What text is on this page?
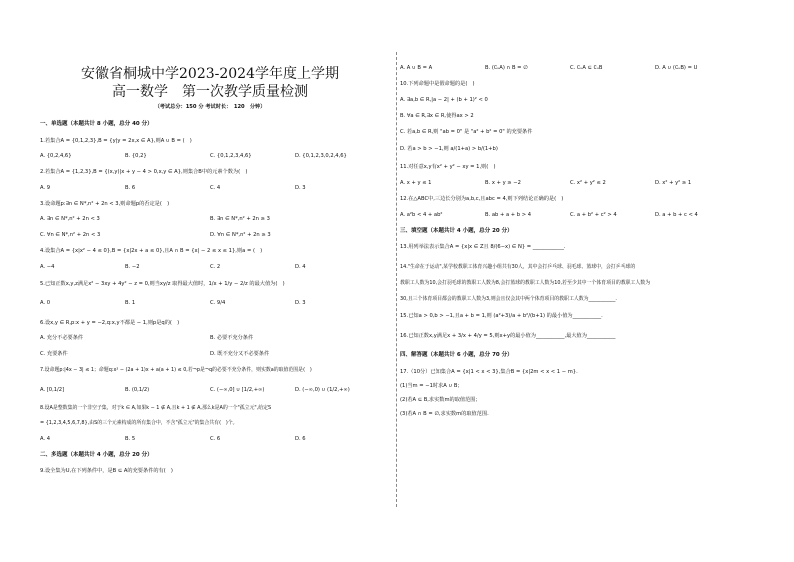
安徽省桐城中学2023-2024学年度上学期
高一数学　第一次教学质量检测
（考试总分：150 分 考试时长：　120　分钟）
一、单选题（本题共计 8 小题，总分 40 分）
1.若集合A = {0,1,2,3},B = {y|y = 2x,x ∈ A},则A ∪ B = (　)
A. {0,2,4,6}	B. {0,2}	C. {0,1,2,3,4,6}	D. {0,1,2,3,0,2,4,6}
2.若集合A = {1,2,3},B = {(x,y)|x + y − 4 > 0,x,y ∈ A},则集合B中的元素个数为(　)
A. 9	B. 6	C. 4	D. 3
3.设命题p:∃n ∈ N*,n² + 2n < 3,则命题p的否定是(　)
A. ∃n ∈ N*,n² + 2n < 3	B. ∃n ∈ N*,n² + 2n ≥ 3
C. ∀n ∈ N*,n² + 2n < 3	D. ∀n ∈ N*,n² + 2n ≥ 3
4.设集合A = {x|x² − 4 ≤ 0},B = {x|2x + a ≤ 0},且A ∩ B = {x| − 2 ≤ x ≤ 1},则a = (　)
A. −4	B. −2	C. 2	D. 4
5.已知正数x,y,z满足x² − 3xy + 4y² − z = 0,则当xy/z 取得最大值时，1/x + 1/y − 2/z 的最大值为(　)
A. 0	B. 1	C. 9/4	D. 3
6.设x,y ∈ R,p:x + y = −2,q:x,y不都是 − 1,则p是q的(　)
A. 充分不必要条件	B. 必要不充分条件
C. 充要条件	D. 既不充分又不必要条件
7.设命题p:|4x − 3| ≤ 1；命题q:x² − (2a + 1)x + a(a + 1) ≤ 0,若¬p是¬q的必要不充分条件，则实数a的取值范围是(　)
A. [0,1/2]	B. (0,1/2)	C. (−∞,0] ∪ [1/2,+∞)	D. (−∞,0) ∪ (1/2,+∞)
8.设A是整数集的一个非空子集，对于k ∈ A,如果k − 1 ∉ A,且k + 1 ∉ A,那么k是A的一个"孤立元",给定S
= {1,2,3,4,5,6,7,8},由S的三个元素构成的所有集合中，不含"孤立元"的集合共有(　)个。
A. 4	B. 5	C. 6	D. 6
二、多选题（本题共计 4 小题，总分 20 分）
9.设全集为U,在下列条件中，是B ⊆ A的充要条件的有(　)
A. A ∪ B = A	B. (∁ᵤA) ∩ B = ∅	C. ∁ᵤA ⊆ ∁ᵤB	D. A ∪ (∁ᵤB) = U
10.下列命题中是假命题的是(　)
A. ∃a,b ∈ R,|a − 2| + (b + 1)² < 0
B. ∀a ∈ R,∃x ∈ R,使得ax > 2
C. 若a,b ∈ R,则 "ab = 0" 是 "a² + b² = 0" 的充要条件
D. 若a > b > −1,则 a/(1+a) > b/(1+b)
11.对任意x,y有x² + y² − xy = 1,则(　)
A. x + y ≤ 1	B. x + y ≥ −2	C. x² + y² ≤ 2	D. x² + y² ≥ 1
12.在△ABC中,三边长分别为a,b,c,且abc = 4,则下列结论正确的是(　)
A. a²b < 4 + ab²	B. ab + a + b > 4	C. a + b² + c² > 4	D. a + b + c < 4
三、填空题（本题共计 4 小题，总分 20 分）
13.用列举法表示集合A = {x|x ∈ Z且 8/(6−x) ∈ N} = ____________.
14."生命在于运动",某学校教职工体育兴趣小组共有30人，其中会打乒乓球、羽毛球、篮球中，会打乒乓球的
教职工人数为10,会打羽毛球的教职工人数为8,会打篮球的教职工人数为10,若至少其中一个体育项目的教职工人数为
30,且三个体育项目都会的教职工人数为3,则会且仅会其中两个体育项目的教职工人数为___________.
15.已知a > 0,b > −1,且a + b = 1,则 (a²+3)/a + b²/(b+1) 的最小值为___________.
16.已知正数x,y满足x + 3/x + 4/y = 5,则x+y的最小值为___________,最大值为___________
四、解答题（本题共计 6 小题，总分 70 分）
17.（10分）已知集合A = {x|1 < x < 3},集合B = {x|2m < x < 1 − m}.
(1)当m = −1时求A ∪ B；
(2)若A ⊆ B,求实数m的取值范围；
(3)若A ∩ B = ∅,求实数m的取值范围.
